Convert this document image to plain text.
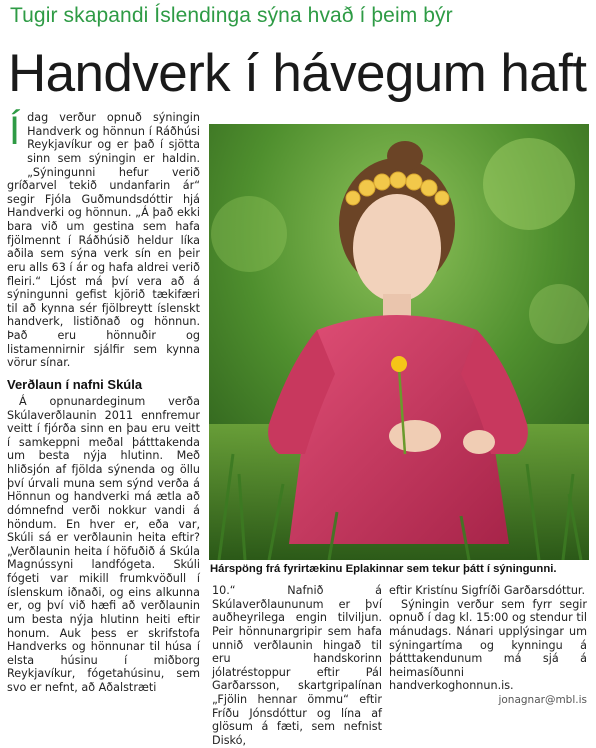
Tugir skapandi Íslendinga sýna hvað í þeim býr
Handverk í hávegum haft
Í dag verður opnuð sýningin Handverk og hönnun í Ráðhúsi Reykjavíkur og er það í sjötta sinn sem sýningin er haldin. „Sýningunni hefur verið gríðarvel tekið undanfarin ár“ segir Fjóla Guðmundsdóttir hjá Handverki og hönnun. „Á það ekki bara við um gestina sem hafa fjölmennt í Ráðhúsið heldur líka aðila sem sýna verk sín en þeir eru alls 63 í ár og hafa aldrei verið fleiri.“ Ljóst má því vera að á sýningunni gefist kjörið tækifæri til að kynna sér fjölbreytt íslenskt handverk, listiðnað og hönnun. Það eru hönnuðir og listamennirnir sjálfir sem kynna vörur sínar.

Verðlaun í nafni Skúla

Á opnunardeginum verða Skúlaverðlaunin 2011 ennfremur veitt í fjórða sinn en þau eru veitt í samkeppni meðal þátttakenda um besta nýja hlutinn. Með hliðsjón af fjölda sýnenda og öllu því úrvali muna sem sýnd verða á Hönnun og handverki má ætla að dómnefnd verði nokkur vandi á höndum. En hver er, eða var, Skúli sá er verðlaunin heita eftir? „Verðlaunin heita í höfuðið á Skúla Magnússyni landfógeta. Skúli fógeti var mikill frumkvöðull í íslenskum iðnaði, og eins alkunna er, og því við hæfi að verðlaunin um besta nýja hlutinn heiti eftir honum. Auk þess er skrifstofa Handverks og hönnunar til húsa í elsta húsinu í miðborg Reykjavíkur, fógetahúsinu, sem svo er nefnt, að Aðalstræti

Hárspöng frá fyrirtækinu Eplakinnar sem tekur þátt í sýningunni.

10.“ Nafnið á Skúlaverðlaununum er því auðheyrilega engin tilviljun. Peir hönnunargripir sem hafa unnið verðlaunin hingað til eru handskorinn jólatréstoppur eftir Pál Garðarsson, skartgripalínan „Fjölin hennar ömmu“ eftir Fríðu Jónsdóttur og lína af glösum á fæti, sem nefnist Diskó,

eftir Kristínu Sigfríði Garðarsdóttur.

Sýningin verður sem fyrr segir opnuð í dag kl. 15:00 og stendur til mánudags. Nánari upplýsingar um sýningartíma og kynningu á þátttakendunum má sjá á heimasíðunni handverkoghonnun.is.

jonagnar@mbl.is
